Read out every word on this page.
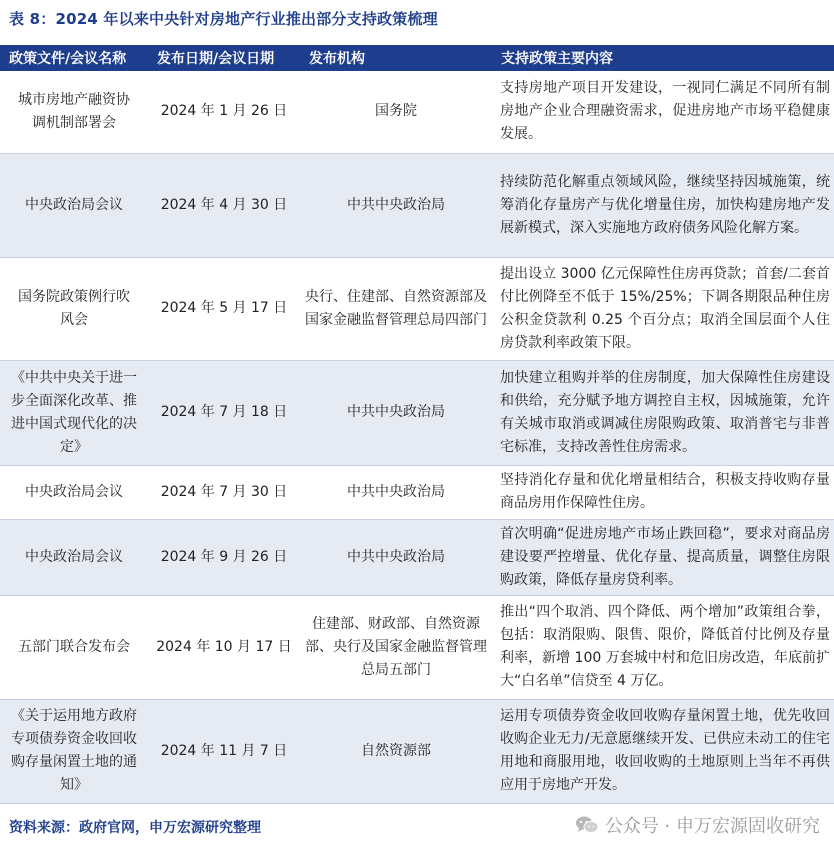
表 8：2024 年以来中央针对房地产行业推出部分支持政策梳理
政策文件/会议名称	发布日期/会议日期	发布机构	支持政策主要内容
城市房地产融资协调机制部署会	2024 年 1 月 26 日	国务院	支持房地产项目开发建设，一视同仁满足不同所有制房地产企业合理融资需求，促进房地产市场平稳健康发展。
中央政治局会议	2024 年 4 月 30 日	中共中央政治局	持续防范化解重点领域风险，继续坚持因城施策，统筹消化存量房产与优化增量住房，加快构建房地产发展新模式，深入实施地方政府债务风险化解方案。
国务院政策例行吹风会	2024 年 5 月 17 日	央行、住建部、自然资源部及国家金融监督管理总局四部门	提出设立 3000 亿元保障性住房再贷款；首套/二套首付比例降至不低于 15%/25%；下调各期限品种住房公积金贷款利 0.25 个百分点；取消全国层面个人住房贷款利率政策下限。
《中共中央关于进一步全面深化改革、推进中国式现代化的决定》	2024 年 7 月 18 日	中共中央政治局	加快建立租购并举的住房制度，加大保障性住房建设和供给，充分赋予地方调控自主权，因城施策，允许有关城市取消或调减住房限购政策、取消普宅与非普宅标准，支持改善性住房需求。
中央政治局会议	2024 年 7 月 30 日	中共中央政治局	坚持消化存量和优化增量相结合，积极支持收购存量商品房用作保障性住房。
中央政治局会议	2024 年 9 月 26 日	中共中央政治局	首次明确“促进房地产市场止跌回稳”，要求对商品房建设要严控增量、优化存量、提高质量，调整住房限购政策，降低存量房贷利率。
五部门联合发布会	2024 年 10 月 17 日	住建部、财政部、自然资源部、央行及国家金融监督管理总局五部门	推出“四个取消、四个降低、两个增加”政策组合拳，包括：取消限购、限售、限价，降低首付比例及存量利率，新增 100 万套城中村和危旧房改造，年底前扩大“白名单”信贷至 4 万亿。
《关于运用地方政府专项债券资金收回收购存量闲置土地的通知》	2024 年 11 月 7 日	自然资源部	运用专项债券资金收回收购存量闲置土地，优先收回收购企业无力/无意愿继续开发、已供应未动工的住宅用地和商服用地，收回收购的土地原则上当年不再供应用于房地产开发。
资料来源：政府官网，申万宏源研究整理	公众号 · 申万宏源固收研究
